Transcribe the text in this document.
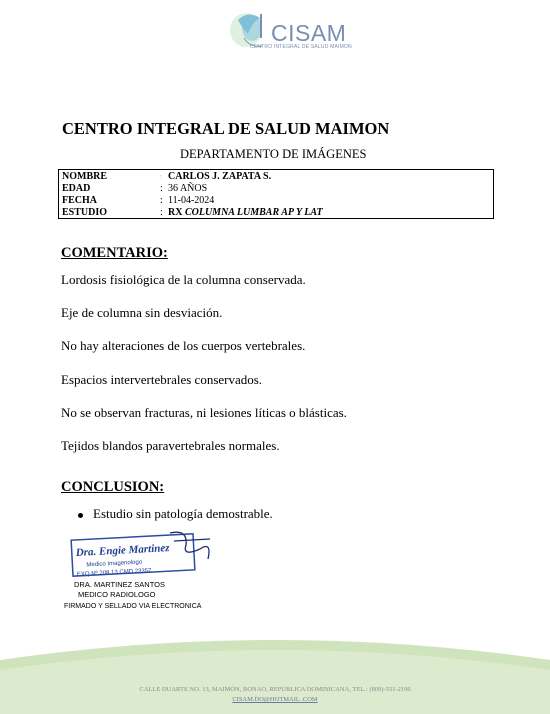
CISAM
CENTRO INTEGRAL DE SALUD MAIMON
CENTRO INTEGRAL DE SALUD MAIMON
DEPARTAMENTO DE IMÁGENES
NOMBRE	: CARLOS J. ZAPATA S.
EDAD	: 36 AÑOS
FECHA	: 11-04-2024
ESTUDIO	: RX COLUMNA LUMBAR AP Y LAT
COMENTARIO:
Lordosis fisiológica de la columna conservada.
Eje de columna sin desviación.
No hay alteraciones de los cuerpos vertebrales.
Espacios intervertebrales conservados.
No se observan fracturas, ni lesiones líticas o blásticas.
Tejidos blandos paravertebrales normales.
CONCLUSION:
Estudio sin patología demostrable.
Dra. Engie Martinez
Medico Imagenologo
EXQ Nº 208 13 CMD 23357
DRA. MARTINEZ SANTOS
MEDICO RADIOLOGO
FIRMADO Y SELLADO VIA ELECTRONICA
CALLE DUARTE NO. 13, MAIMÓN, BONAO, REPUBLICA DOMINICANA, TEL.: (809)-551-2196
CISAM.DO@HOTMAIL .COM
